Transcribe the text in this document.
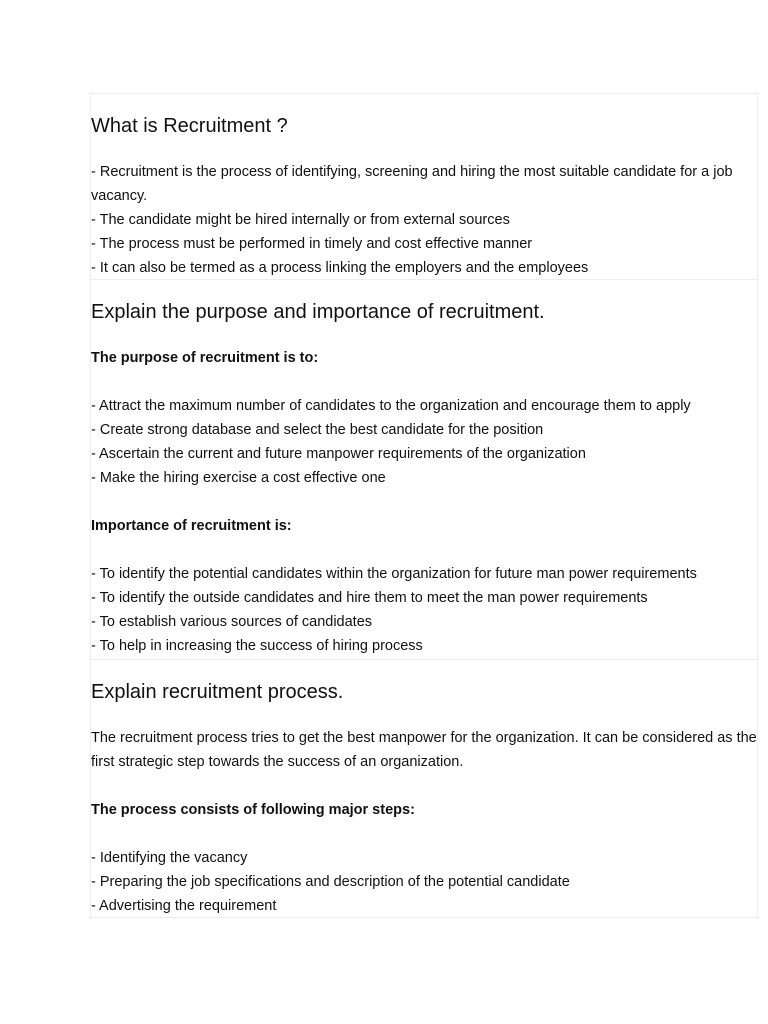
What is Recruitment ?

- Recruitment is the process of identifying, screening and hiring the most suitable candidate for a job vacancy.

- The candidate might be hired internally or from external sources
- The process must be performed in timely and cost effective manner
- It can also be termed as a process linking the employers and the employees
Explain the purpose and importance of recruitment.

The purpose of recruitment is to:

- Attract the maximum number of candidates to the organization and encourage them to apply
- Create strong database and select the best candidate for the position
- Ascertain the current and future manpower requirements of the organization
- Make the hiring exercise a cost effective one

Importance of recruitment is:

- To identify the potential candidates within the organization for future man power requirements
- To identify the outside candidates and hire them to meet the man power requirements
- To establish various sources of candidates
- To help in increasing the success of hiring process
Explain recruitment process.

The recruitment process tries to get the best manpower for the organization. It can be considered as the first strategic step towards the success of an organization.

The process consists of following major steps:

- Identifying the vacancy
- Preparing the job specifications and description of the potential candidate
- Advertising the requirement
